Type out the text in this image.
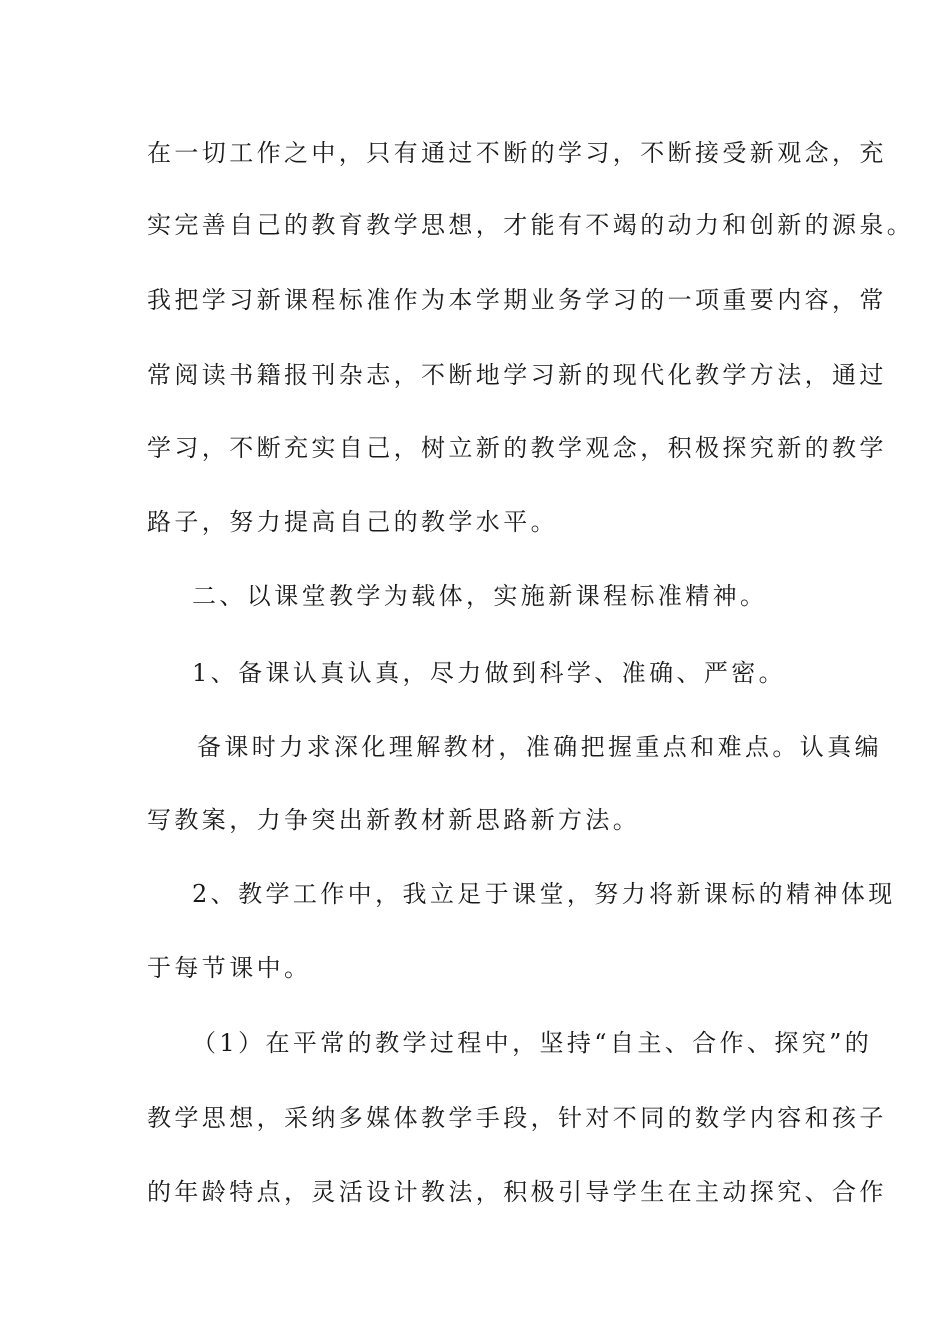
在一切工作之中，只有通过不断的学习，不断接受新观念，充
实完善自己的教育教学思想，才能有不竭的动力和创新的源泉。
我把学习新课程标准作为本学期业务学习的一项重要内容，常
常阅读书籍报刊杂志，不断地学习新的现代化教学方法，通过
学习，不断充实自己，树立新的教学观念，积极探究新的教学
路子，努力提高自己的教学水平。
二、以课堂教学为载体，实施新课程标准精神。
1、备课认真认真，尽力做到科学、准确、严密。
备课时力求深化理解教材，准确把握重点和难点。认真编
写教案，力争突出新教材新思路新方法。
2、教学工作中，我立足于课堂，努力将新课标的精神体现
于每节课中。
（1）在平常的教学过程中，坚持“自主、合作、探究”的
教学思想，采纳多媒体教学手段，针对不同的数学内容和孩子
的年龄特点，灵活设计教法，积极引导学生在主动探究、合作
